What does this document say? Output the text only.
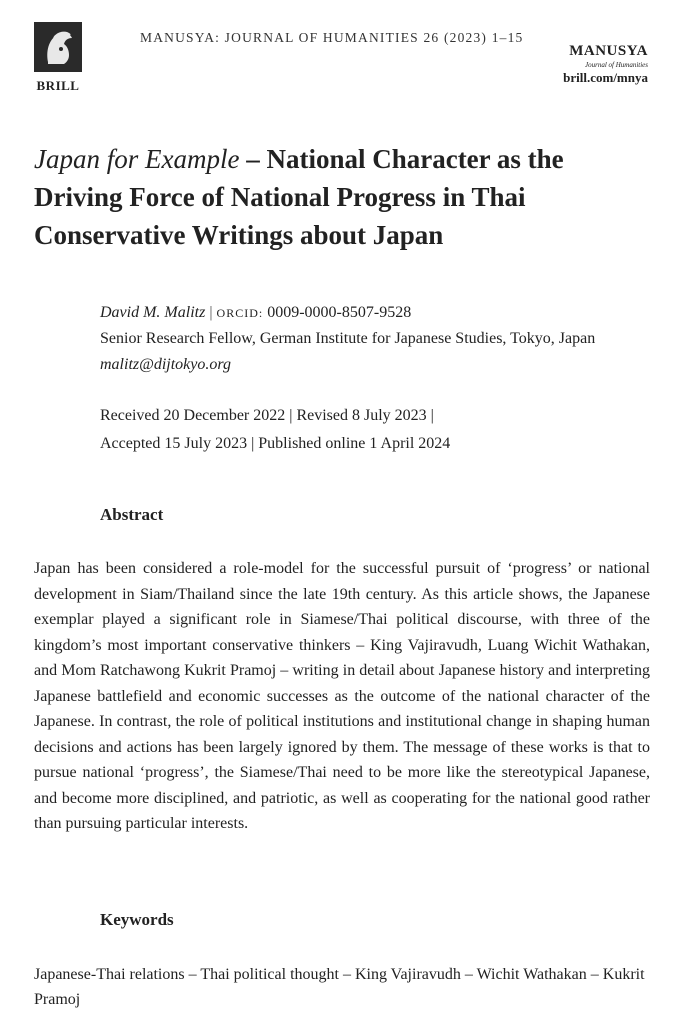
BRILL
MANUSYA: JOURNAL OF HUMANITIES 26 (2023) 1–15
MANUSYA
Journal of Humanities
brill.com/mnya
Japan for Example – National Character as the Driving Force of National Progress in Thai Conservative Writings about Japan
David M. Malitz | ORCID: 0009-0000-8507-9528
Senior Research Fellow, German Institute for Japanese Studies, Tokyo, Japan
malitz@dijtokyo.org
Received 20 December 2022 | Revised 8 July 2023 |
Accepted 15 July 2023 | Published online 1 April 2024
Abstract
Japan has been considered a role-model for the successful pursuit of ‘progress’ or national development in Siam/Thailand since the late 19th century. As this article shows, the Japanese exemplar played a significant role in Siamese/Thai political discourse, with three of the kingdom’s most important conservative thinkers – King Vajiravudh, Luang Wichit Wathakan, and Mom Ratchawong Kukrit Pramoj – writing in detail about Japanese history and interpreting Japanese battlefield and economic successes as the outcome of the national character of the Japanese. In contrast, the role of political institutions and institutional change in shaping human decisions and actions has been largely ignored by them. The message of these works is that to pursue national ‘progress’, the Siamese/Thai need to be more like the stereotypical Japanese, and become more disciplined, and patriotic, as well as cooperating for the national good rather than pursuing particular interests.
Keywords
Japanese-Thai relations – Thai political thought – King Vajiravudh – Wichit Wathakan – Kukrit Pramoj
